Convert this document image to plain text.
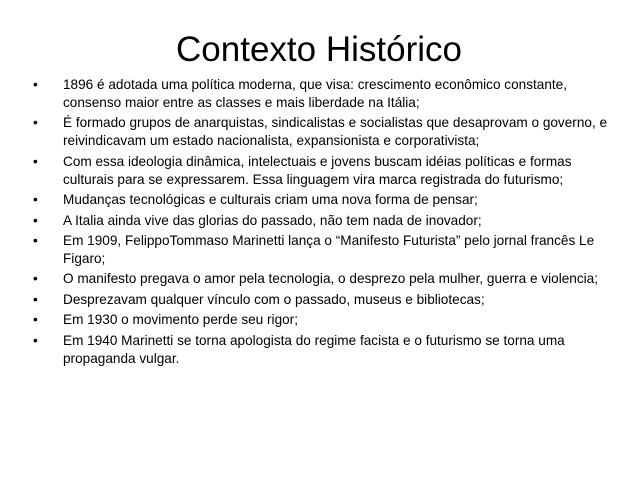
Contexto Histórico
•	1896 é adotada uma política moderna, que visa: crescimento econômico constante, consenso maior entre as classes e mais liberdade na Itália;
•	É formado grupos de anarquistas, sindicalistas e socialistas que desaprovam o governo, e reivindicavam um estado nacionalista, expansionista e corporativista;
•	Com essa ideologia dinâmica, intelectuais e jovens buscam idéias políticas e formas culturais para se expressarem. Essa linguagem vira marca registrada do futurismo;
•	Mudanças tecnológicas e culturais criam uma nova forma de pensar;
•	A Italia ainda vive das glorias do passado, não tem nada de inovador;
•	Em 1909, FelippoTommaso Marinetti lança o “Manifesto Futurista” pelo jornal francês Le Figaro;
•	O manifesto pregava o amor pela tecnologia, o desprezo pela mulher, guerra e violencia;
•	Desprezavam qualquer vínculo com o passado, museus e bibliotecas;
•	Em 1930 o movimento perde seu rigor;
•	Em 1940 Marinetti se torna apologista do regime facista e o futurismo se torna uma propaganda vulgar.
